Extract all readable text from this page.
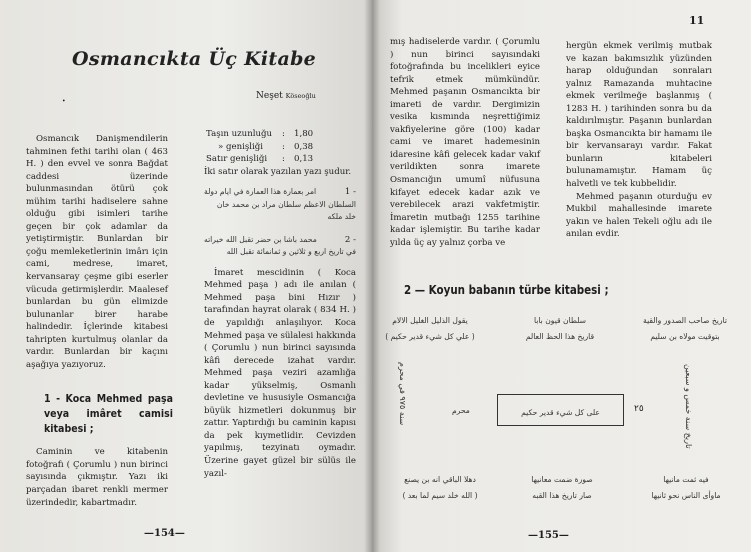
Osmancıkta Üç Kitabe
•
Neşet Köseoğlu

Osmancık Danişmendilerin tahminen fethi tarihi olan ( 463 H. ) den evvel ve sonra Bağdat caddesi üzerinde bulunmasından ötürü çok mühim tarihi hadiselere sahne olduğu gibi isimleri tarihe geçen bir çok adamlar da yetiştirmiştir. Bunlardan bir çoğu memleketlerinin imârı için cami, medrese, imaret, kervansaray çeşme gibi eserler vücuda getirmişlerdir. Maalesef bunlardan bu gün elimizde bulunanlar birer harabe halindedir. İçlerinde kitabesi tahripten kurtulmuş olanlar da vardır. Bunlardan bir kaçını aşağıya yazıyoruz.

1 - Koca Mehmed paşa veya imâret camisi kitabesi ;

Caminin ve kitabenin fotoğrafı ( Çorumlu ) nun birinci sayısında çıkmıştır. Yazı iki parçadan ibaret renkli mermer üzerindedir, kabartmadır.

Taşın uzunluğu	:	1,80
» genişliği	:	0,38
Satır genişliği	:	0,13

İki satır olarak yazılan yazı şudur.

امر بعمارة هذا العمارة في ايام دولة	1 -
السلطان الاعظم سلطان مراد بن محمد خان
خلد ملكه
محمد باشا بن حضر تقبل الله خيراته	2 -
في تاريخ اربع و ثلاثين و ثمانمائة تقبل الله

İmaret mescidinin ( Koca Mehmed paşa ) adı ile anılan ( Mehmed paşa bini Hızır ) tarafından hayrat olarak ( 834 H. ) de yapıldığı anlaşılıyor. Koca Mehmed paşa ve sülalesi hakkında ( Çorumlu ) nun birinci sayısında kâfi derecede izahat vardır. Mehmed paşa veziri azamlığa kadar yükselmiş, Osmanlı devletine ve hususiyle Osmancığa büyük hizmetleri dokunmuş bir zattır. Yaptırdığı bu caminin kapısı da pek kıymetlidir. Cevizden yapılmış, tezyinatı oymadır. Üzerine gayet güzel bir sülüs ile yazıl-

—154—
11

mış hadiselerde vardır. ( Çorumlu ) nun birinci sayısındaki fotoğrafında bu incelikleri eyice tefrik etmek mümkündür. Mehmed paşanın Osmancıkta bir imareti de vardır. Dergimizin vesika kısmında neşrettiğimiz vakfiyelerine göre (100) kadar cami ve imaret hademesinin idaresine kâfi gelecek kadar vakıf verildikten sonra imarete Osmancığın umumî nüfusuna kifayet edecek kadar azık ve verebilecek arazi vakfetmiştir. İmaretin mutbağı 1255 tarihine kadar işlemiştir. Bu tarihe kadar yılda üç ay yalnız çorba ve

hergün ekmek verilmiş mutbak ve kazan bakımsızlık yüzünden harap olduğundan sonraları yalnız Ramazanda muhtacine ekmek verilmeğe başlanmış ( 1283 H. ) tarihinden sonra bu da kaldırılmıştır. Paşanın bunlardan başka Osmancıkta bir hamamı ile bir kervansarayı vardır. Fakat bunların kitabeleri bulunamamıştır. Hamam üç halvetli ve tek kubbelidir.

Mehmed paşanın oturduğu ev Mukbil mahallesinde imarete yakın ve halen Tekeli oğlu adı ile anılan evdir.

2 — Koyun babanın türbe kitabesi ;
يقول الذليل الغليل الالام
( علي كل شيء قدير حكيم )
سلطان قيون بابا
قاريخ هذا الحظ العالم
تاريخ صاحب الصدور والقية
بتوقيت مولاه بن سليم
سنة ٩٧٥ في محرم	محرم	على كل شيء قدير حكيم	٢٥	تاريخ سنة خمس و سبعين
دهلا الباقي انه بن يصنع
( الله خلد سيم لما بعد )
صورة ضمت معانيها
صار تاريخ هذا القبه
فيه ثمت مانيها
ماوأى الناس نحو ثانيها
—155—
